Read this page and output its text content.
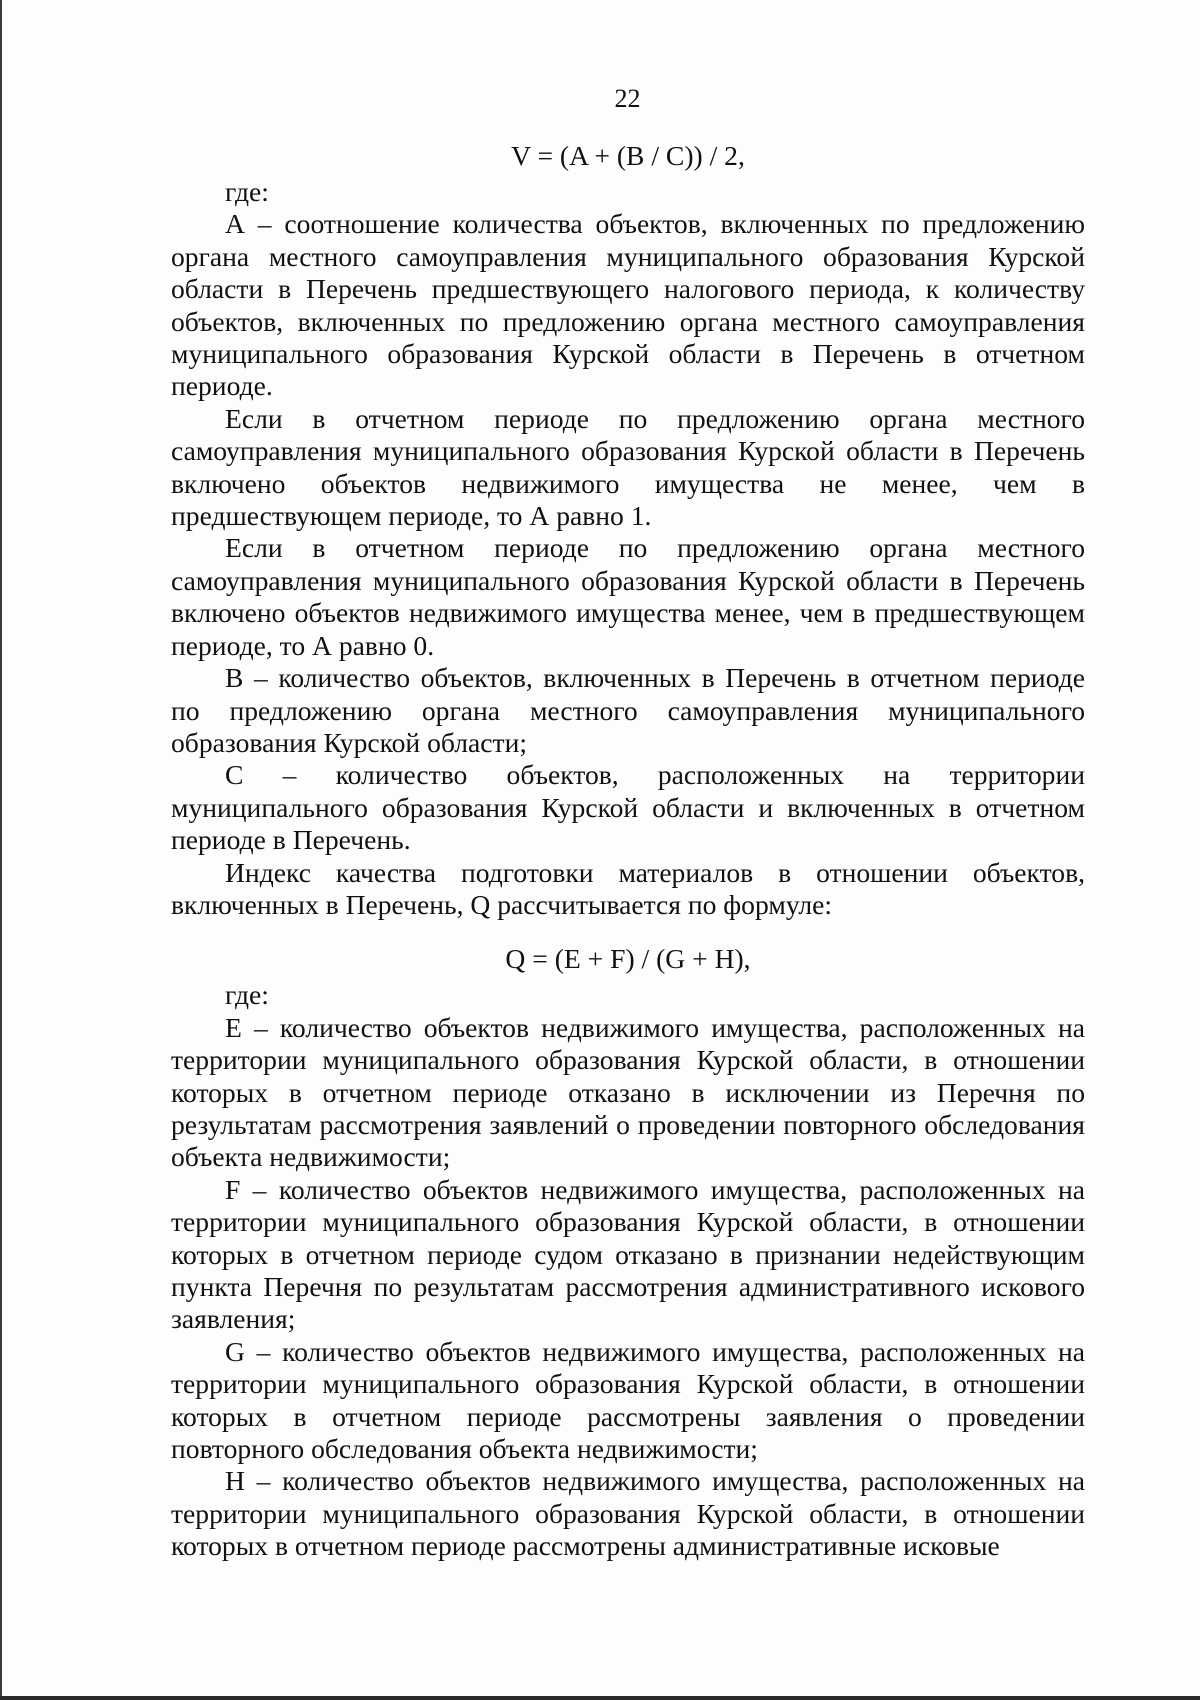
22

V = (A + (B / C)) / 2,

где:

А – соотношение количества объектов, включенных по предложению органа местного самоуправления муниципального образования Курской области в Перечень предшествующего налогового периода, к количеству объектов, включенных по предложению органа местного самоуправления муниципального образования Курской области в Перечень в отчетном периоде.

Если в отчетном периоде по предложению органа местного самоуправления муниципального образования Курской области в Перечень включено объектов недвижимого имущества не менее, чем в предшествующем периоде, то А равно 1.

Если в отчетном периоде по предложению органа местного самоуправления муниципального образования Курской области в Перечень включено объектов недвижимого имущества менее, чем в предшествующем периоде, то А равно 0.

В – количество объектов, включенных в Перечень в отчетном периоде по предложению органа местного самоуправления муниципального образования Курской области;

С – количество объектов, расположенных на территории муниципального образования Курской области и включенных в отчетном периоде в Перечень.

Индекс качества подготовки материалов в отношении объектов, включенных в Перечень, Q рассчитывается по формуле:

Q = (E + F) / (G + H),

где:

Е – количество объектов недвижимого имущества, расположенных на территории муниципального образования Курской области, в отношении которых в отчетном периоде отказано в исключении из Перечня по результатам рассмотрения заявлений о проведении повторного обследования объекта недвижимости;

F – количество объектов недвижимого имущества, расположенных на территории муниципального образования Курской области, в отношении которых в отчетном периоде судом отказано в признании недействующим пункта Перечня по результатам рассмотрения административного искового заявления;

G – количество объектов недвижимого имущества, расположенных на территории муниципального образования Курской области, в отношении которых в отчетном периоде рассмотрены заявления о проведении повторного обследования объекта недвижимости;

Н – количество объектов недвижимого имущества, расположенных на территории муниципального образования Курской области, в отношении которых в отчетном периоде рассмотрены административные исковые
